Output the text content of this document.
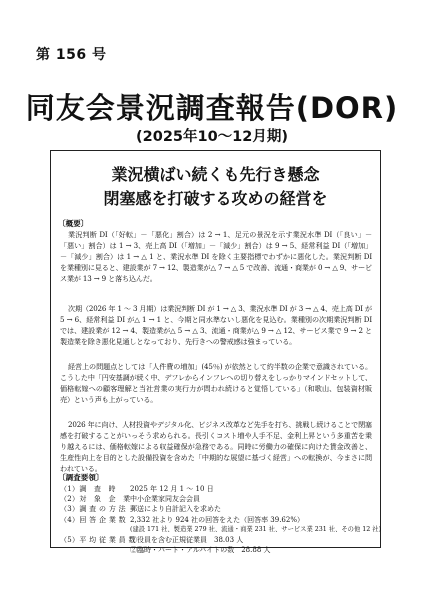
第 156 号
同友会景況調査報告(DOR)
(2025年10～12月期)
業況横ばい続くも先行き懸念
閉塞感を打破する攻めの経営を
〔概要〕

業況判断 DI（「好転」－「悪化」割合）は 2 → 1、足元の景況を示す業況水準 DI（「良い」－「悪い」割合）は 1 → 3、売上高 DI（「増加」－「減少」割合）は 9 → 5、経常利益 DI（「増加」－「減少」割合）は 1 → △ 1 と、業況水準 DI を除く主要指標でわずかに悪化した。業況判断 DI を業種別に見ると、建設業が 7 → 12、製造業が△ 7 → △ 5 で改善、流通・商業が 0 → △ 9、サービス業が 13 → 9 と落ち込んだ。

次期（2026 年 1 ～ 3 月期）は業況判断 DI が 1 → △ 3、業況水準 DI が 3 → △ 4、売上高 DI が 5 → 6、経常利益 DI が△ 1 → 1 と、今期と同水準ないし悪化を見込む。業種別の次期業況判断 DI では、建設業が 12 → 4、製造業が△ 5 → △ 3、流通・商業が△ 9 → △ 12、サービス業で 9 → 2 と製造業を除き悪化見通しとなっており、先行きへの警戒感は強まっている。

経営上の問題点としては「人件費の増加」(45％) が依然として約半数の企業で意識されている。こうした中「円安基調が続く中、デフレからインフレへの切り替えをしっかりマインドセットして、価格転嫁への顧客理解と当社営業の実行力が問われ続けると覚悟している」（和歌山、包装資材販売）という声も上がっている。

2026 年に向け、人材投資やデジタル化、ビジネス改革など先手を打ち、挑戦し続けることで閉塞感を打破することがいっそう求められる。長引くコスト増や人手不足、金利上昇という多重苦を乗り越えるには、価格転嫁による収益確保が急務である。同時に労働力の確保に向けた賃金改善と、生産性向上を目的とした設備投資を含めた「中期的な展望に基づく経営」への転換が、今まさに問われている。

〔調査要領〕
（1）調　査　時	2025 年 12 月 1 ～ 10 日
（2）対　象　企　業 中小企業家同友会会員
（3）調 査 の 方 法 郵送により自計記入を求めた
（4）回 答 企 業 数 2,332 社より 924 社の回答をえた（回答率 39.62%）
(建設 171 社、製造業 279 社、流通・商業 231 社、サービス業 231 社、その他 12 社)
（5）平 均 従 業 員 数
①役員を含む正規従業員　38.03 人
②臨時・パート・アルバイトの数　28.88 人
